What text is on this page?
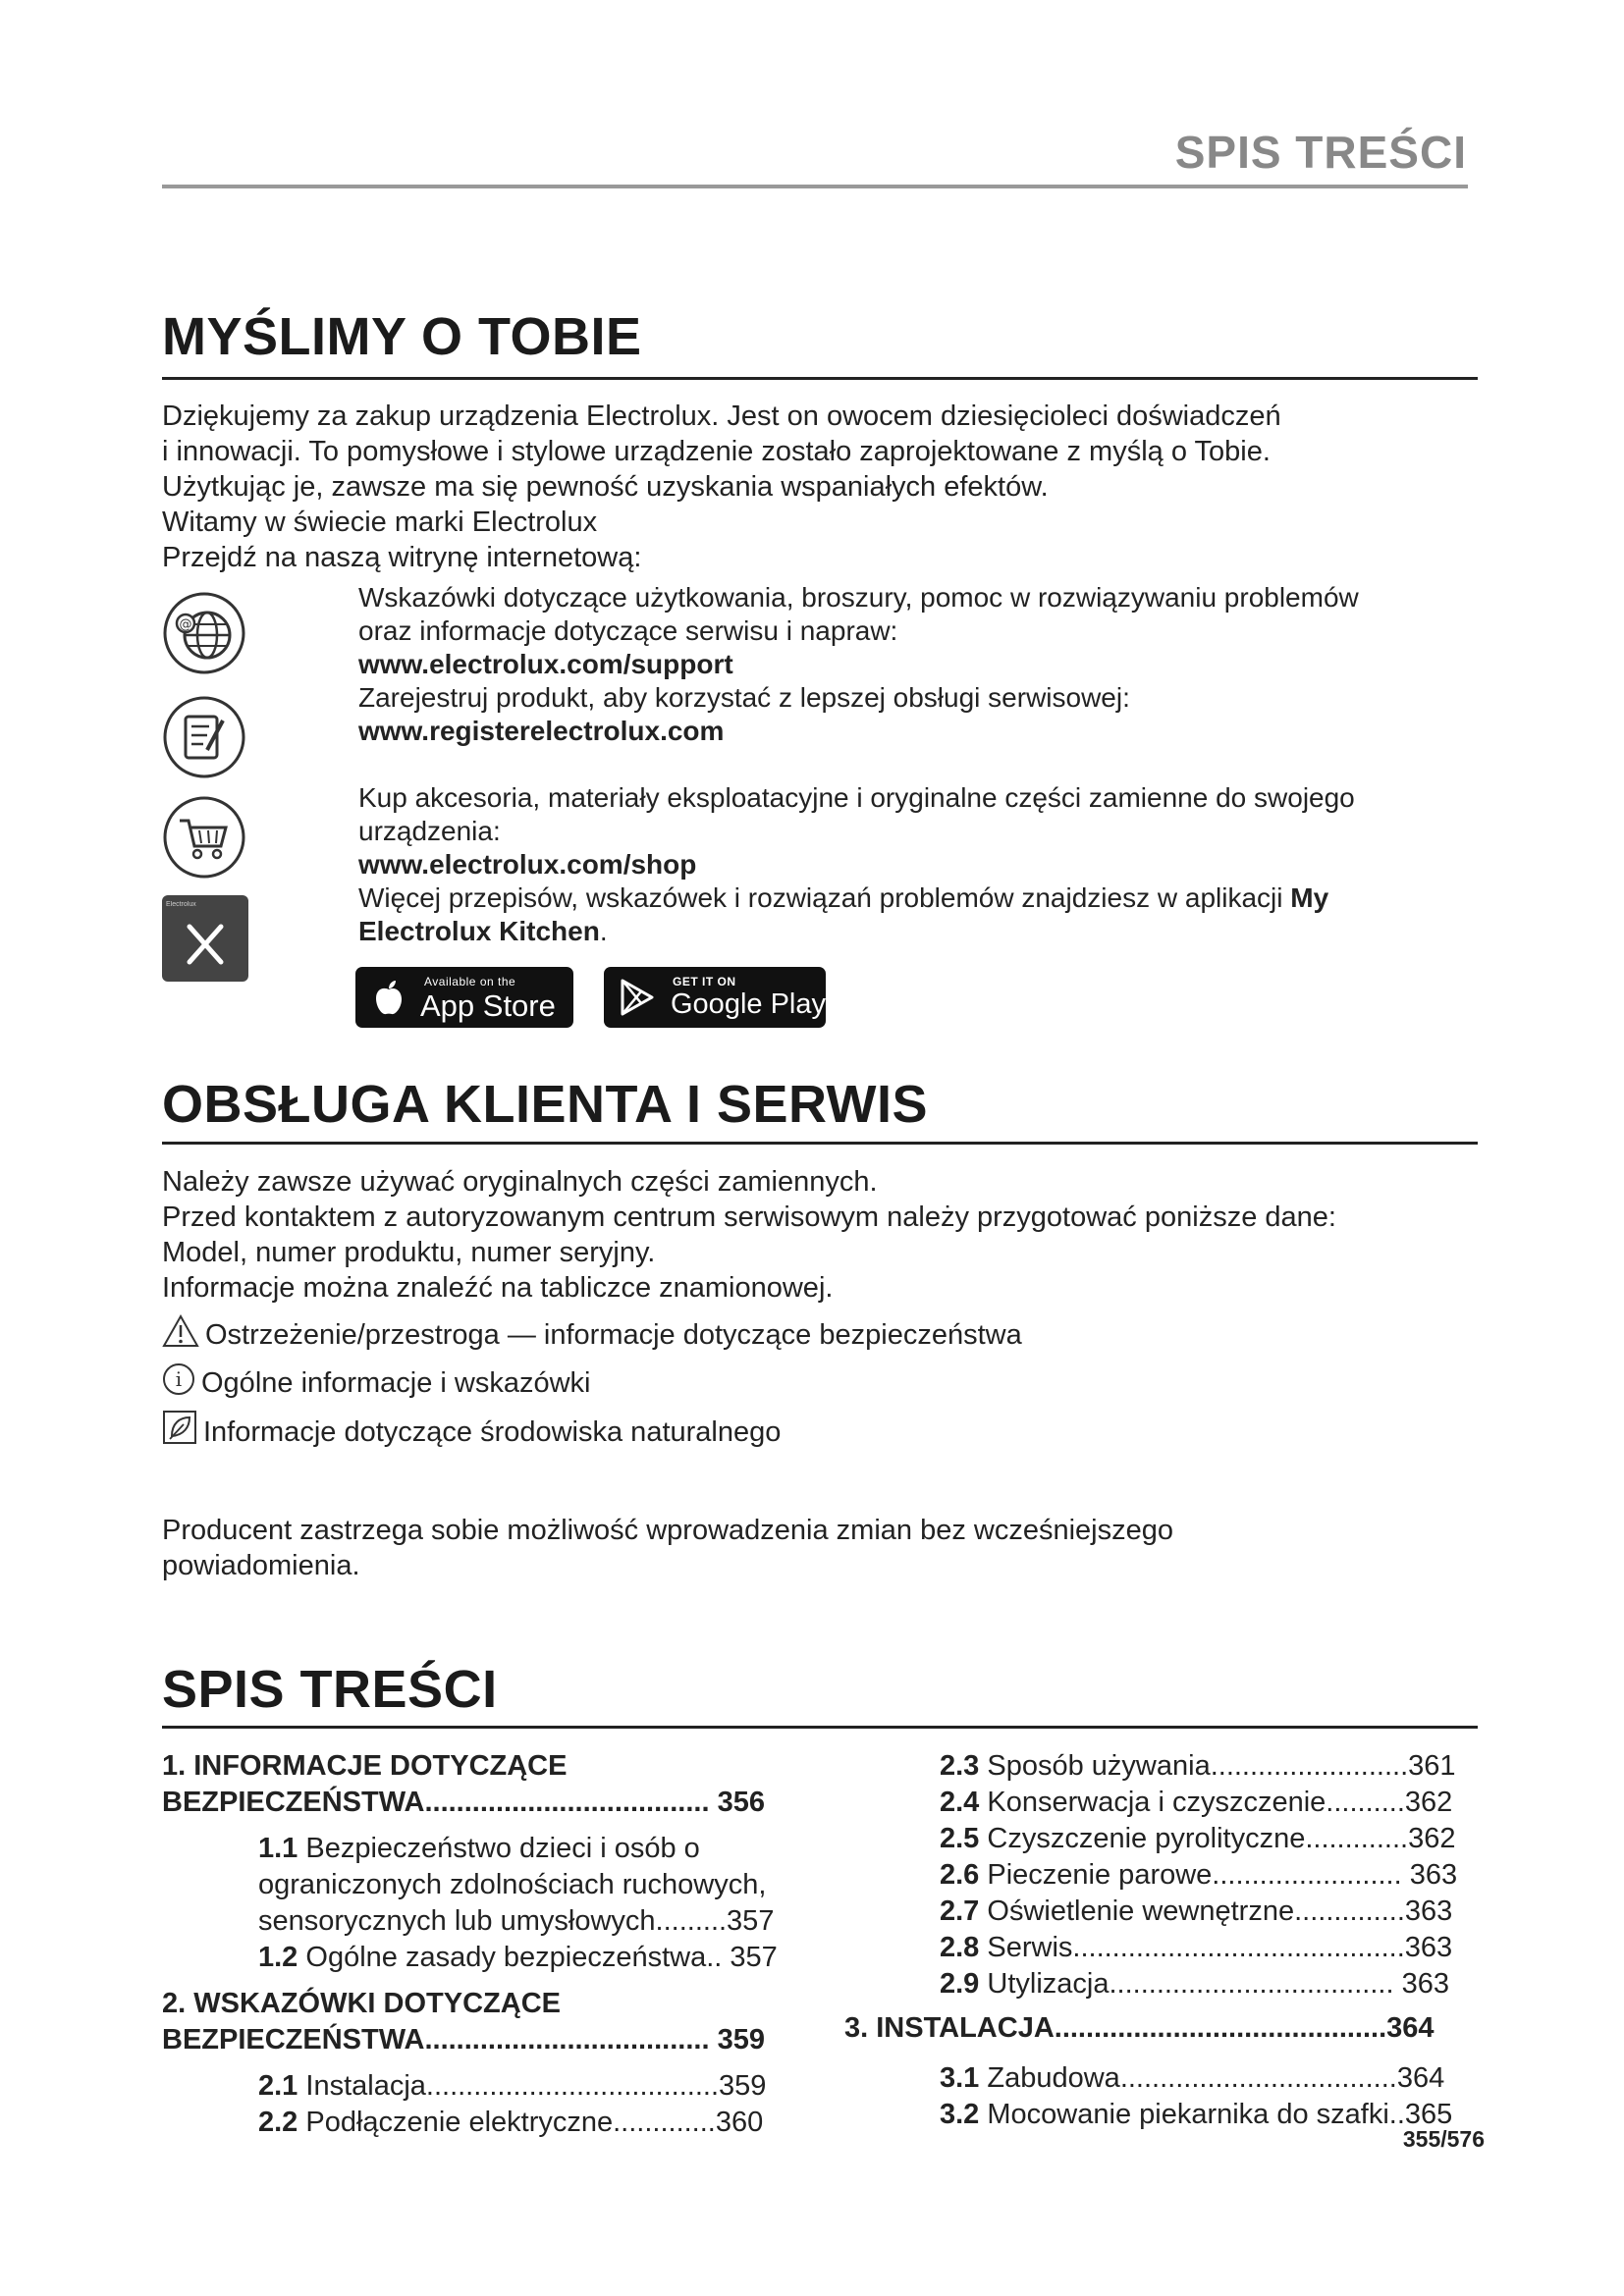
SPIS TREŚCI
MYŚLIMY O TOBIE
Dziękujemy za zakup urządzenia Electrolux. Jest on owocem dziesięcioleci doświadczeń
i innowacji. To pomysłowe i stylowe urządzenie zostało zaprojektowane z myślą o Tobie.
Użytkując je, zawsze ma się pewność uzyskania wspaniałych efektów.
Witamy w świecie marki Electrolux
Przejdź na naszą witrynę internetową:
@
Electrolux
Wskazówki dotyczące użytkowania, broszury, pomoc w rozwiązywaniu problemów
oraz informacje dotyczące serwisu i napraw:
www.electrolux.com/support
Zarejestruj produkt, aby korzystać z lepszej obsługi serwisowej:
www.registerelectrolux.com
Kup akcesoria, materiały eksploatacyjne i oryginalne części zamienne do swojego
urządzenia:
www.electrolux.com/shop
Więcej przepisów, wskazówek i rozwiązań problemów znajdziesz w aplikacji My
Electrolux Kitchen.
Available on the
App Store
GET IT ON
Google Play
OBSŁUGA KLIENTA I SERWIS
Należy zawsze używać oryginalnych części zamiennych.
Przed kontaktem z autoryzowanym centrum serwisowym należy przygotować poniższe dane:
Model, numer produktu, numer seryjny.
Informacje można znaleźć na tabliczce znamionowej.
Ostrzeżenie/przestroga — informacje dotyczące bezpieczeństwa
i Ogólne informacje i wskazówki
Informacje dotyczące środowiska naturalnego
Producent zastrzega sobie możliwość wprowadzenia zmian bez wcześniejszego
powiadomienia.
SPIS TREŚCI
1. INFORMACJE DOTYCZĄCE
BEZPIECZEŃSTWA.................................... 356
1.1 Bezpieczeństwo dzieci i osób o
ograniczonych zdolnościach ruchowych,
sensorycznych lub umysłowych.........357
1.2 Ogólne zasady bezpieczeństwa.. 357
2. WSKAZÓWKI DOTYCZĄCE
BEZPIECZEŃSTWA.................................... 359
2.1 Instalacja.....................................359
2.2 Podłączenie elektryczne.............360
2.3 Sposób używania.........................361
2.4 Konserwacja i czyszczenie..........362
2.5 Czyszczenie pyrolityczne.............362
2.6 Pieczenie parowe........................ 363
2.7 Oświetlenie wewnętrzne..............363
2.8 Serwis..........................................363
2.9 Utylizacja.................................... 363
3. INSTALACJA..........................................364
3.1 Zabudowa...................................364
3.2 Mocowanie piekarnika do szafki..365
355/576
